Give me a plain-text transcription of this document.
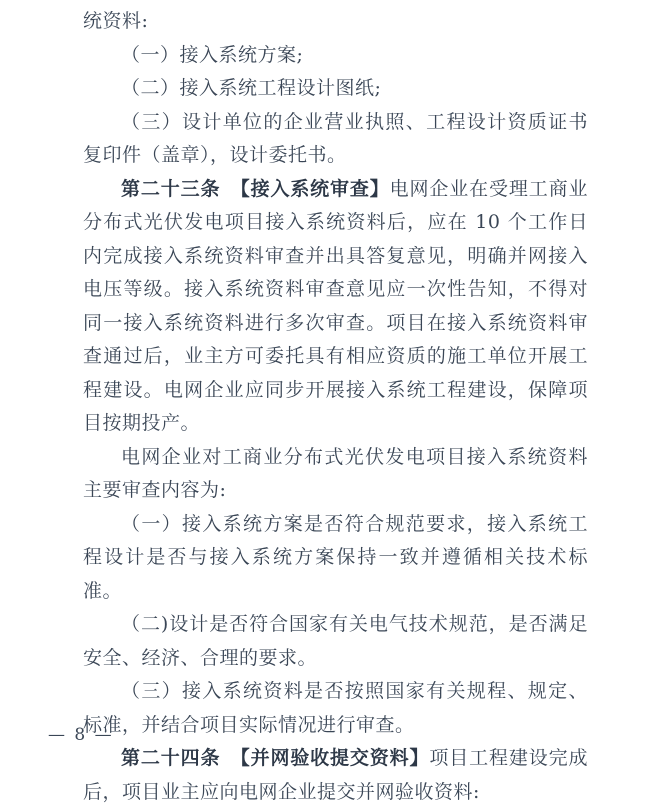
统资料:
（一）接入系统方案;
（二）接入系统工程设计图纸;
（三）设计单位的企业营业执照、工程设计资质证书复印件（盖章），设计委托书。
第二十三条　 【接入系统审查】电网企业在受理工商业分布式光伏发电项目接入系统资料后，应在 10 个工作日内完成接入系统资料审查并出具答复意见，明确并网接入电压等级。接入系统资料审查意见应一次性告知，不得对同一接入系统资料进行多次审查。项目在接入系统资料审查通过后，业主方可委托具有相应资质的施工单位开展工程建设。电网企业应同步开展接入系统工程建设，保障项目按期投产。
电网企业对工商业分布式光伏发电项目接入系统资料主要审查内容为:
（一）接入系统方案是否符合规范要求，接入系统工程设计是否与接入系统方案保持一致并遵循相关技术标准。
（二)设计是否符合国家有关电气技术规范，是否满足安全、经济、合理的要求。
（三）接入系统资料是否按照国家有关规程、规定、标准，并结合项目实际情况进行审查。
第二十四条　 【并网验收提交资料】项目工程建设完成后，项目业主应向电网企业提交并网验收资料:
— 8 —
